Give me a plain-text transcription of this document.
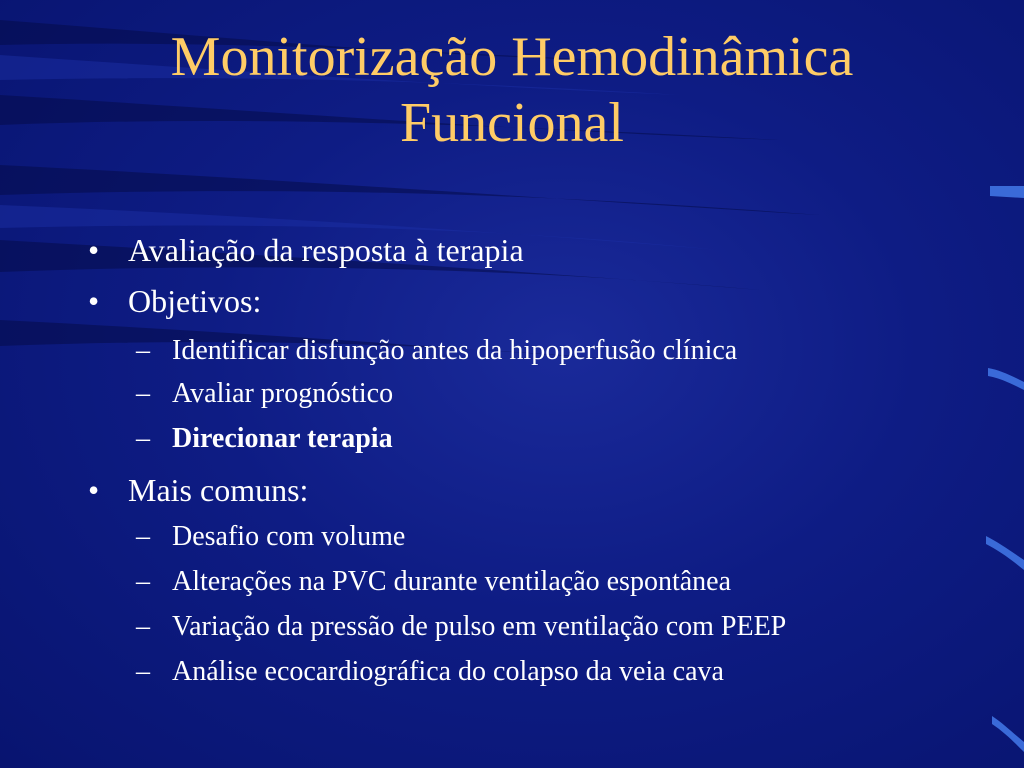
Monitorização Hemodinâmica
Funcional
• Avaliação da resposta à terapia
• Objetivos:
– Identificar disfunção antes da hipoperfusão clínica
– Avaliar prognóstico
– Direcionar terapia
• Mais comuns:
– Desafio com volume
– Alterações na PVC durante ventilação espontânea
– Variação da pressão de pulso em ventilação com PEEP
– Análise ecocardiográfica do colapso da veia cava
